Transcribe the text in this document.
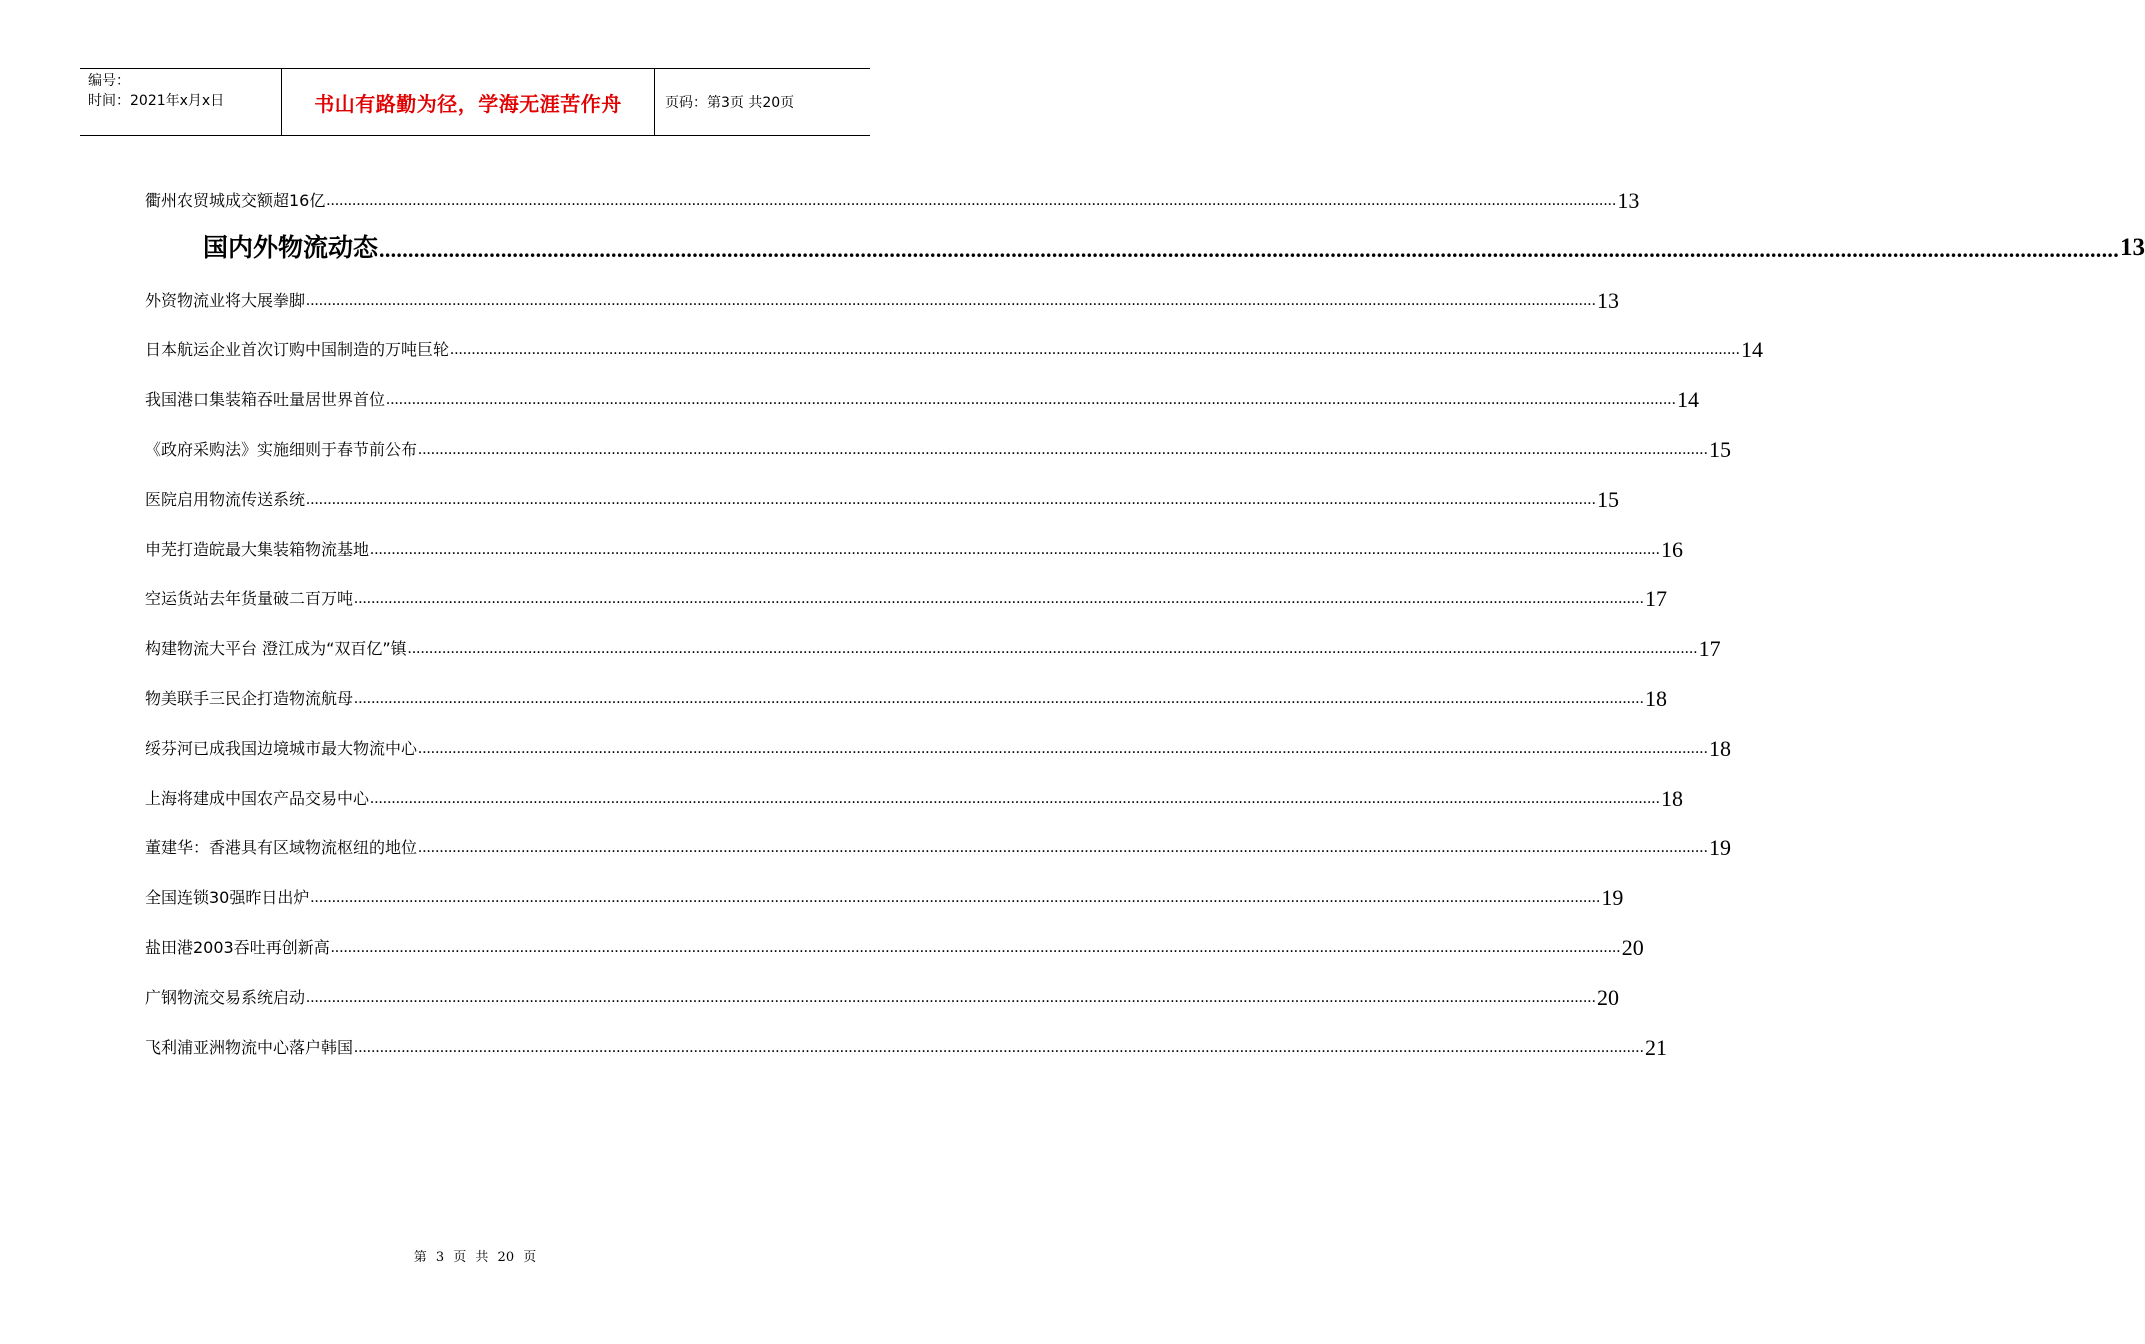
编号：
时间：2021年x月x日	书山有路勤为径，学海无涯苦作舟	页码：第3页 共20页
衢州农贸城成交额超16亿 ............................................................................................................................................................................................................................................................................................................ 13
国内外物流动态 ............................................................................................................................................................................................................................................................................................................ 13
外资物流业将大展拳脚 ............................................................................................................................................................................................................................................................................................................ 13
日本航运企业首次订购中国制造的万吨巨轮 ............................................................................................................................................................................................................................................................................................................ 14
我国港口集装箱吞吐量居世界首位 ............................................................................................................................................................................................................................................................................................................ 14
《政府采购法》实施细则于春节前公布 ............................................................................................................................................................................................................................................................................................................ 15
医院启用物流传送系统 ............................................................................................................................................................................................................................................................................................................ 15
申芜打造皖最大集装箱物流基地 ............................................................................................................................................................................................................................................................................................................ 16
空运货站去年货量破二百万吨 ............................................................................................................................................................................................................................................................................................................ 17
构建物流大平台 澄江成为“双百亿”镇 ............................................................................................................................................................................................................................................................................................................ 17
物美联手三民企打造物流航母 ............................................................................................................................................................................................................................................................................................................ 18
绥芬河已成我国边境城市最大物流中心 ............................................................................................................................................................................................................................................................................................................ 18
上海将建成中国农产品交易中心 ............................................................................................................................................................................................................................................................................................................ 18
董建华：香港具有区域物流枢纽的地位 ............................................................................................................................................................................................................................................................................................................ 19
全国连锁30强昨日出炉 ............................................................................................................................................................................................................................................................................................................ 19
盐田港2003吞吐再创新高 ............................................................................................................................................................................................................................................................................................................ 20
广钢物流交易系统启动 ............................................................................................................................................................................................................................................................................................................ 20
飞利浦亚洲物流中心落户韩国 ............................................................................................................................................................................................................................................................................................................ 21
第 3 页 共 20 页
